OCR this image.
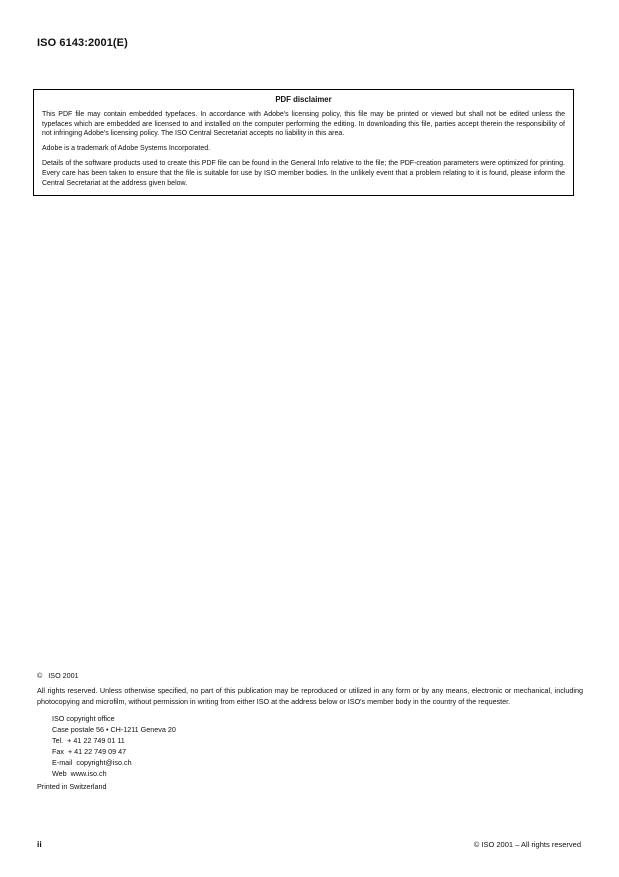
ISO 6143:2001(E)
PDF disclaimer

This PDF file may contain embedded typefaces. In accordance with Adobe's licensing policy, this file may be printed or viewed but shall not be edited unless the typefaces which are embedded are licensed to and installed on the computer performing the editing. In downloading this file, parties accept therein the responsibility of not infringing Adobe's licensing policy. The ISO Central Secretariat accepts no liability in this area.

Adobe is a trademark of Adobe Systems Incorporated.

Details of the software products used to create this PDF file can be found in the General Info relative to the file; the PDF-creation parameters were optimized for printing. Every care has been taken to ensure that the file is suitable for use by ISO member bodies. In the unlikely event that a problem relating to it is found, please inform the Central Secretariat at the address given below.

©   ISO 2001

All rights reserved. Unless otherwise specified, no part of this publication may be reproduced or utilized in any form or by any means, electronic or mechanical, including photocopying and microfilm, without permission in writing from either ISO at the address below or ISO's member body in the country of the requester.

ISO copyright office
Case postale 56 • CH-1211 Geneva 20
Tel.  + 41 22 749 01 11
Fax  + 41 22 749 09 47
E-mail  copyright@iso.ch
Web  www.iso.ch
Printed in Switzerland
ii	© ISO 2001 – All rights reserved
